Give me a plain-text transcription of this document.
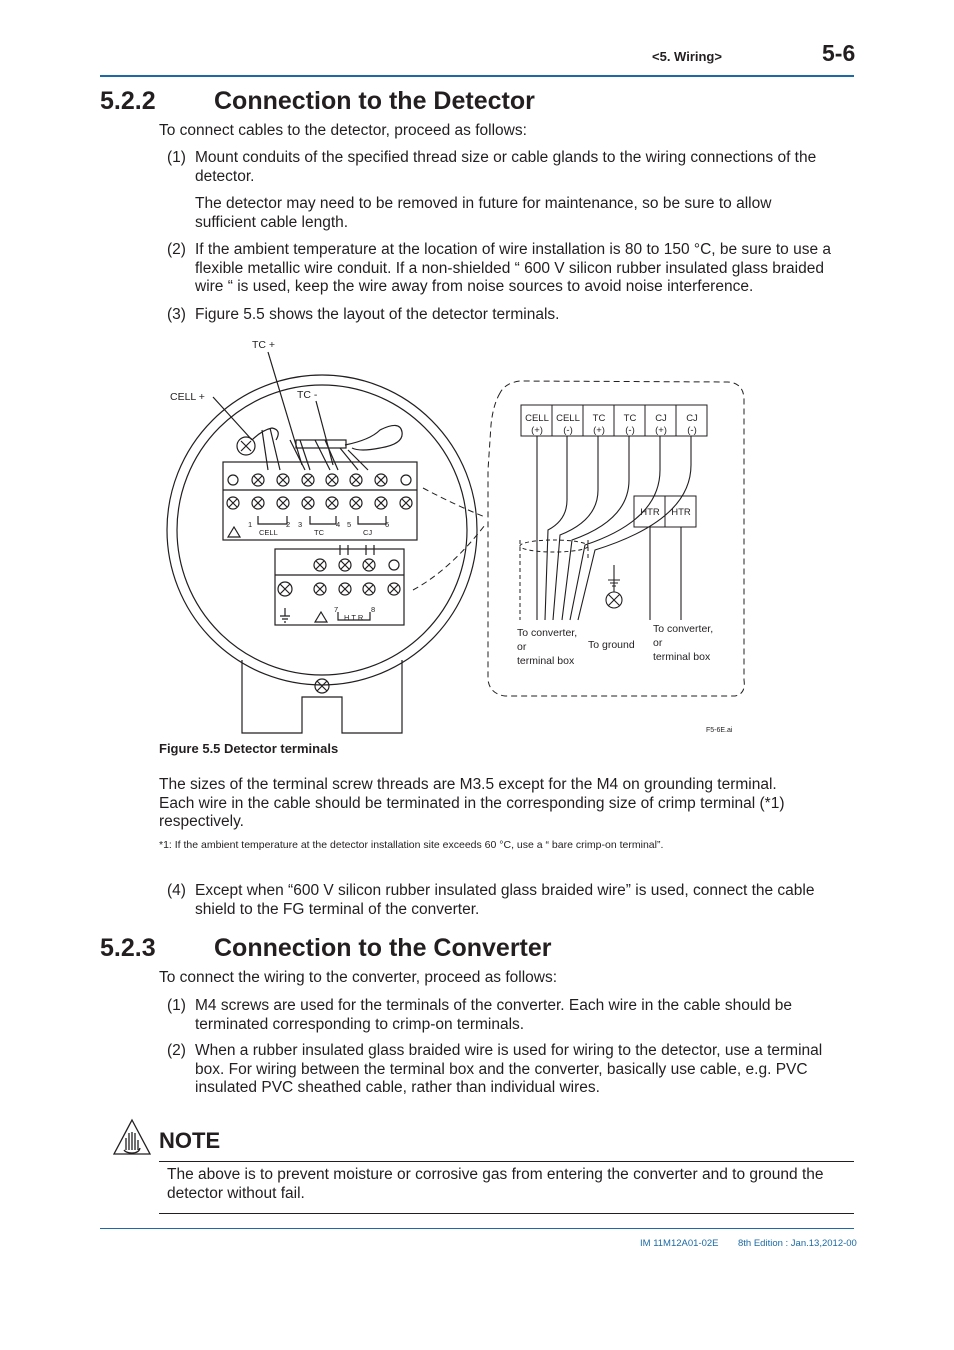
<5. Wiring>	5-6
5.2.2 Connection to the Detector
To connect cables to the detector, proceed as follows:
(1) Mount conduits of the specified thread size or cable glands to the wiring connections of the
detector.
The detector may need to be removed in future for maintenance, so be sure to allow
sufficient cable length.
(2) If the ambient temperature at the location of wire installation is 80 to 150 °C, be sure to use a
flexible metallic wire conduit. If a non-shielded “ 600 V silicon rubber insulated glass braided
wire “ is used, keep the wire away from noise sources to avoid noise interference.
(3) Figure 5.5 shows the layout of the detector terminals.
TC +
TC -
CELL +
CELL
(+)
CELL
(-)
TC
(+)
TC
(-)
CJ
(+)
CJ
(-)
HTR HTR
To converter,
or
terminal box
To ground
To converter,
or
terminal box
1	2 3	4 5	6
CELL	TC	CJ
7	8
H T R
F5-6E.ai
Figure 5.5 Detector terminals
The sizes of the terminal screw threads are M3.5 except for the M4 on grounding terminal.
Each wire in the cable should be terminated in the corresponding size of crimp terminal (*1)
respectively.
*1: If the ambient temperature at the detector installation site exceeds 60 °C, use a “ bare crimp-on terminal”.
(4) Except when “600 V silicon rubber insulated glass braided wire” is used, connect the cable
shield to the FG terminal of the converter.
5.2.3 Connection to the Converter
To connect the wiring to the converter, proceed as follows:
(1) M4 screws are used for the terminals of the converter. Each wire in the cable should be
terminated corresponding to crimp-on terminals.
(2) When a rubber insulated glass braided wire is used for wiring to the detector, use a terminal
box. For wiring between the terminal box and the converter, basically use cable, e.g. PVC
insulated PVC sheathed cable, rather than individual wires.
NOTE
The above is to prevent moisture or corrosive gas from entering the converter and to ground the
detector without fail.
IM 11M12A01-02E 8th Edition : Jan.13,2012-00
